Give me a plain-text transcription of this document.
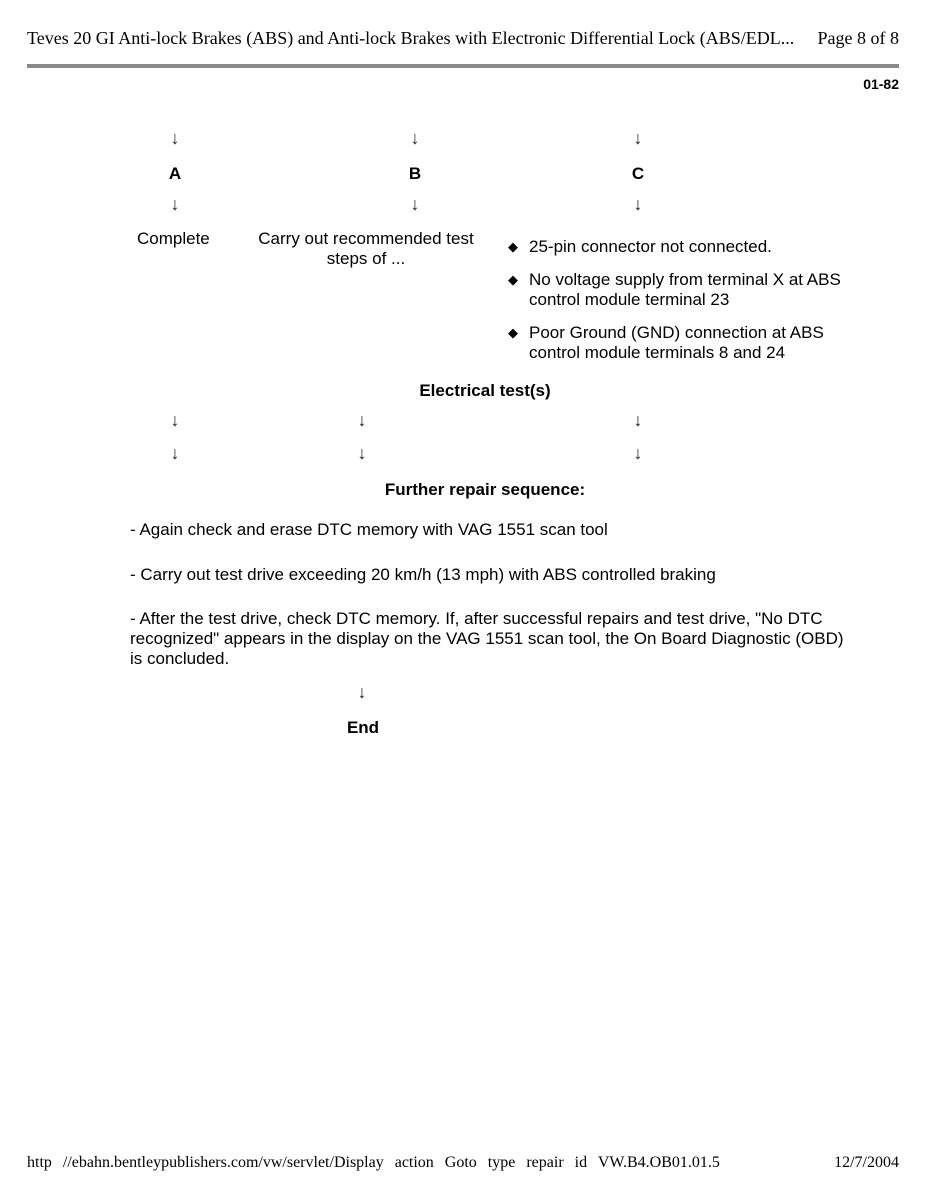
Teves 20 GI Anti-lock Brakes (ABS) and Anti-lock Brakes with Electronic Differential Lock (ABS/EDL... Page 8 of 8
01-82
↓	↓	↓
A	B	C
↓	↓	↓
Complete	Carry out recommended test steps of ...
◆ 25-pin connector not connected.
◆ No voltage supply from terminal X at ABS control module terminal 23
◆ Poor Ground (GND) connection at ABS control module terminals 8 and 24
Electrical test(s)
↓	↓	↓
↓	↓	↓
Further repair sequence:
- Again check and erase DTC memory with VAG 1551 scan tool
- Carry out test drive exceeding 20 km/h (13 mph) with ABS controlled braking
- After the test drive, check DTC memory. If, after successful repairs and test drive, "No DTC recognized" appears in the display on the VAG 1551 scan tool, the On Board Diagnostic (OBD) is concluded.
↓
End
http //ebahn.bentleypublishers.com/vw/servlet/Display action Goto type repair id VW.B4.OB01.01.5	12/7/2004
